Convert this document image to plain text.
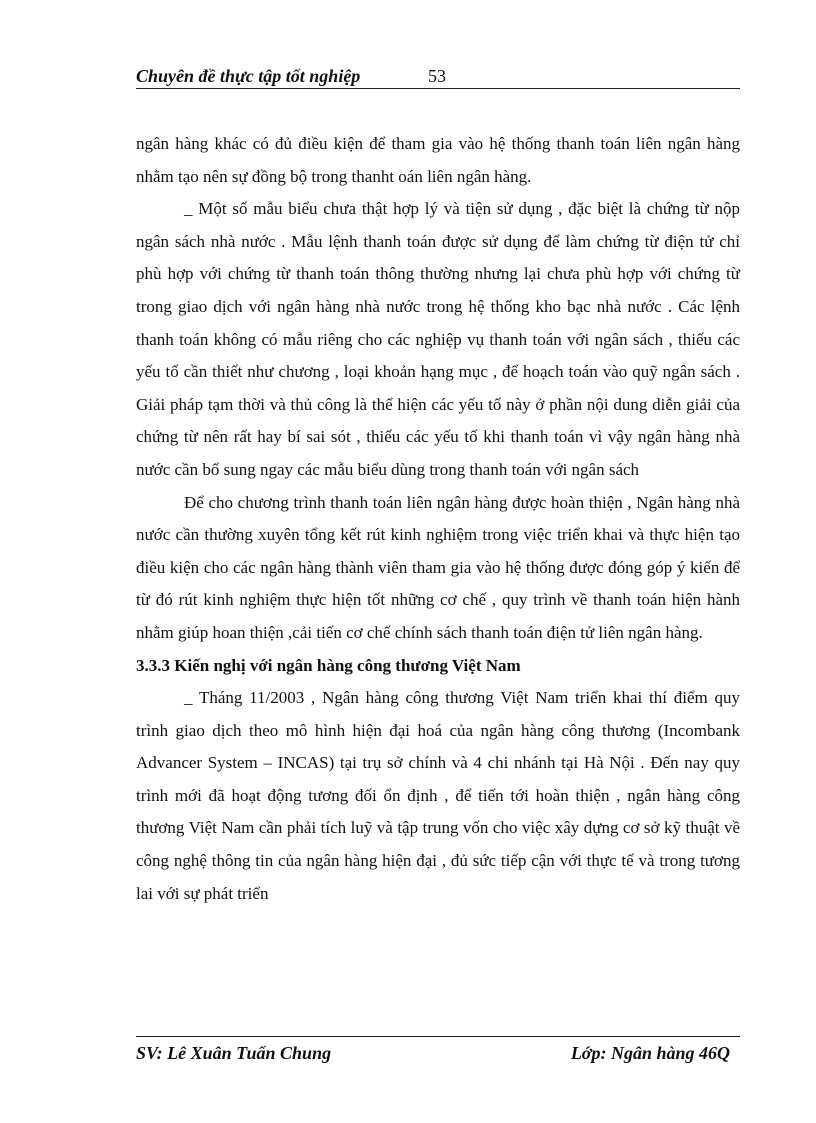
Chuyên đề thực tập tốt nghiệp	53

ngân hàng khác có đủ điều kiện để tham gia vào hệ thống thanh toán liên ngân hàng nhằm tạo nên sự đồng bộ trong thanht oán liên ngân hàng.

_ Một số mẫu biểu chưa thật hợp lý và tiện sử dụng , đặc biệt là chứng từ nộp ngân sách nhà nước . Mẫu lệnh thanh toán được sử dụng để làm chứng từ điện tử chỉ phù hợp với chứng từ thanh toán thông thường nhưng lại chưa phù hợp với chứng từ trong giao dịch với ngân hàng nhà nước trong hệ thống kho bạc nhà nước . Các lệnh thanh toán không có mẫu riêng cho các nghiệp vụ thanh toán với ngân sách , thiếu các yếu tố cần thiết như chương , loại khoản hạng mục , để hoạch toán vào quỹ ngân sách . Giải pháp tạm thời và thủ công là thể hiện các yếu tố này ở phần nội dung diễn giải của chứng từ nên rất hay bí sai sót , thiếu các yếu tố khi thanh toán vì vậy ngân hàng nhà nước cần bổ sung ngay các mẫu biểu dùng trong thanh toán với ngân sách

Để cho chương trình thanh toán liên ngân hàng được hoàn thiện , Ngân hàng nhà nước cần thường xuyên tổng kết rút kinh nghiệm trong việc triển khai và thực hiện tạo điều kiện cho các ngân hàng thành viên tham gia vào hệ thống được đóng góp ý kiến để từ đó rút kinh nghiệm thực hiện tốt những cơ chế , quy trình về thanh toán hiện hành nhằm giúp hoan thiện ,cải tiến cơ chế chính sách thanh toán điện tử liên ngân hàng.

3.3.3 Kiến nghị với ngân hàng công thương Việt Nam

_ Tháng 11/2003 , Ngân hàng công thương Việt Nam triển khai thí điểm quy trình giao dịch theo mô hình hiện đại hoá của ngân hàng công thương (Incombank Advancer System – INCAS) tại trụ sở chính và 4 chi nhánh tại Hà Nội . Đến nay quy trình mới đã hoạt động tương đối ổn định , để tiến tới hoàn thiện , ngân hàng công thương Việt Nam cần phải tích luỹ và tập trung vốn cho việc xây dựng cơ sở kỹ thuật về công nghệ thông tin của ngân hàng hiện đại , đủ sức tiếp cận với thực tế và trong tương lai với sự phát triển

SV: Lê Xuân Tuấn Chung	Lớp: Ngân hàng 46Q
